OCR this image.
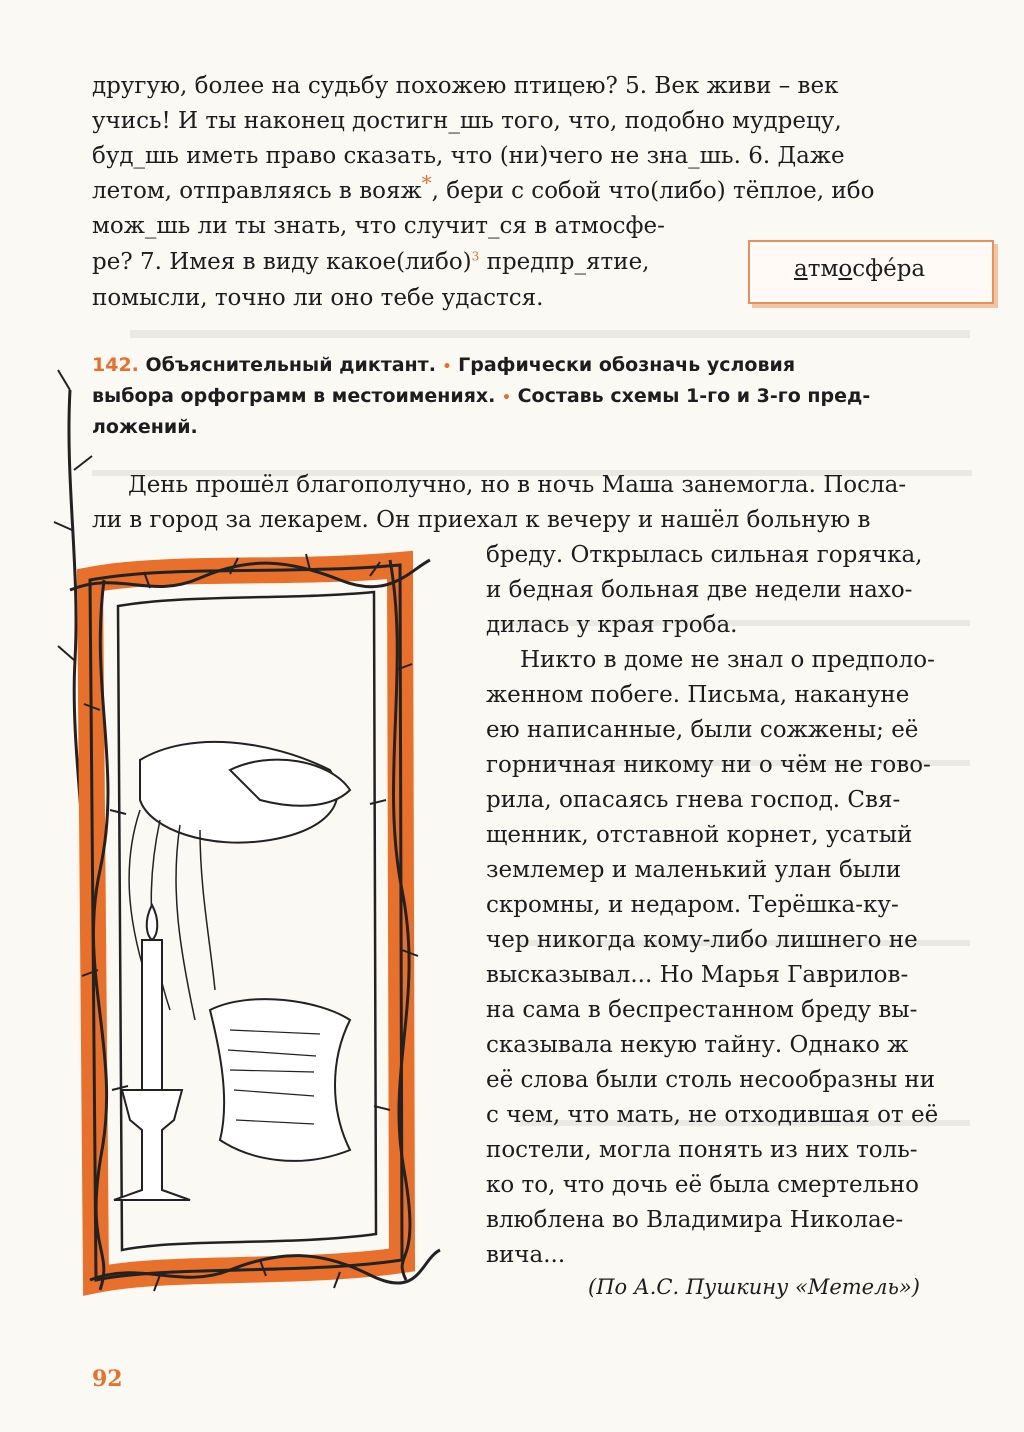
другую, более на судьбу похожею птицею? 5. Век живи – век
учись! И ты наконец достигн_шь того, что, подобно мудрецу,
буд_шь иметь право сказать, что (ни)чего не зна_шь. 6. Даже
летом, отправляясь в вояж*, бери с собой что(либо) тёплое, ибо
мож_шь ли ты знать, что случит_ся в атмосфе-
ре? 7. Имея в виду какое(либо)$^3$ предпр_ятие,
помысли, точно ли оно тебе удастся.
атмосфе́ра
142. Объяснительный диктант. • Графически обозначь условия
выбора орфограмм в местоимениях. • Составь схемы 1-го и 3-го пред-
ложений.
День прошёл благополучно, но в ночь Маша занемогла. Посла-
ли в город за лекарем. Он приехал к вечеру и нашёл больную в
бреду. Открылась сильная горячка,
и бедная больная две недели нахо-
дилась у края гроба.
Никто в доме не знал о предполо-
женном побеге. Письма, накануне
ею написанные, были сожжены; её
горничная никому ни о чём не гово-
рила, опасаясь гнева господ. Свя-
щенник, отставной корнет, усатый
землемер и маленький улан были
скромны, и недаром. Терёшка-ку-
чер никогда кому-либо лишнего не
высказывал... Но Марья Гаврилов-
на сама в беспрестанном бреду вы-
сказывала некую тайну. Однако ж
её слова были столь несообразны ни
с чем, что мать, не отходившая от её
постели, могла понять из них толь-
ко то, что дочь её была смертельно
влюблена во Владимира Николае-
вича...
(По А.С. Пушкину «Метель»)
92
